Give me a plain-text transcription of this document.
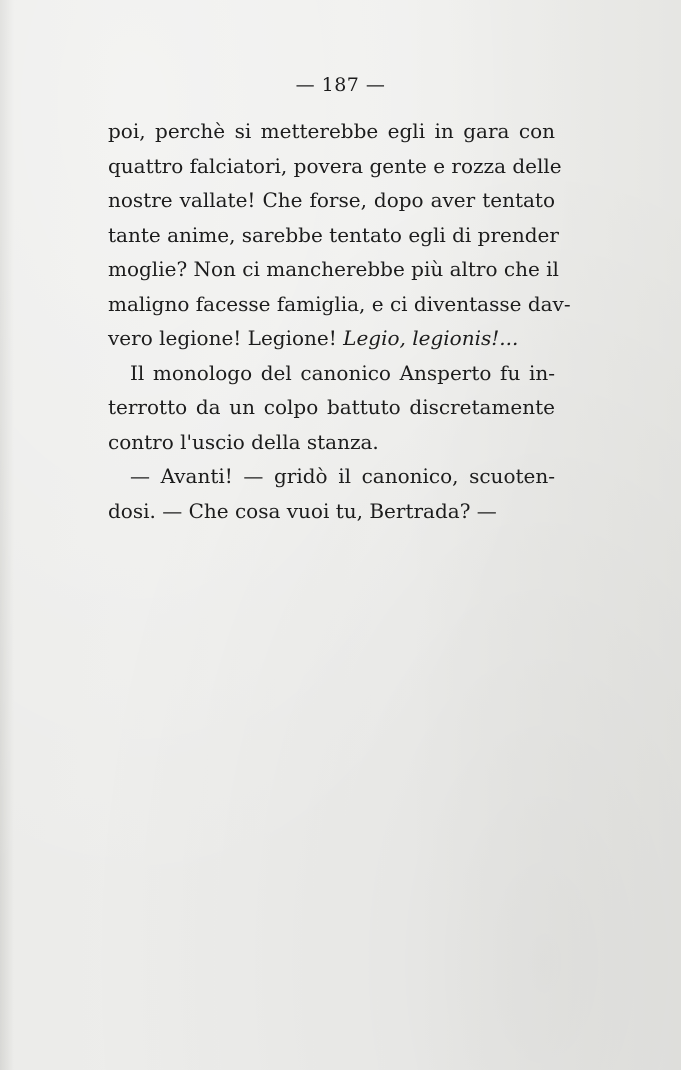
— 187 —
poi, perchè si metterebbe egli in gara con
quattro falciatori, povera gente e rozza delle
nostre vallate! Che forse, dopo aver tentato
tante anime, sarebbe tentato egli di prender
moglie? Non ci mancherebbe più altro che il
maligno facesse famiglia, e ci diventasse dav-
vero legione! Legione! Legio, legionis!...
Il monologo del canonico Ansperto fu in-
terrotto da un colpo battuto discretamente
contro l'uscio della stanza.
— Avanti! — gridò il canonico, scuoten-
dosi. — Che cosa vuoi tu, Bertrada? —
